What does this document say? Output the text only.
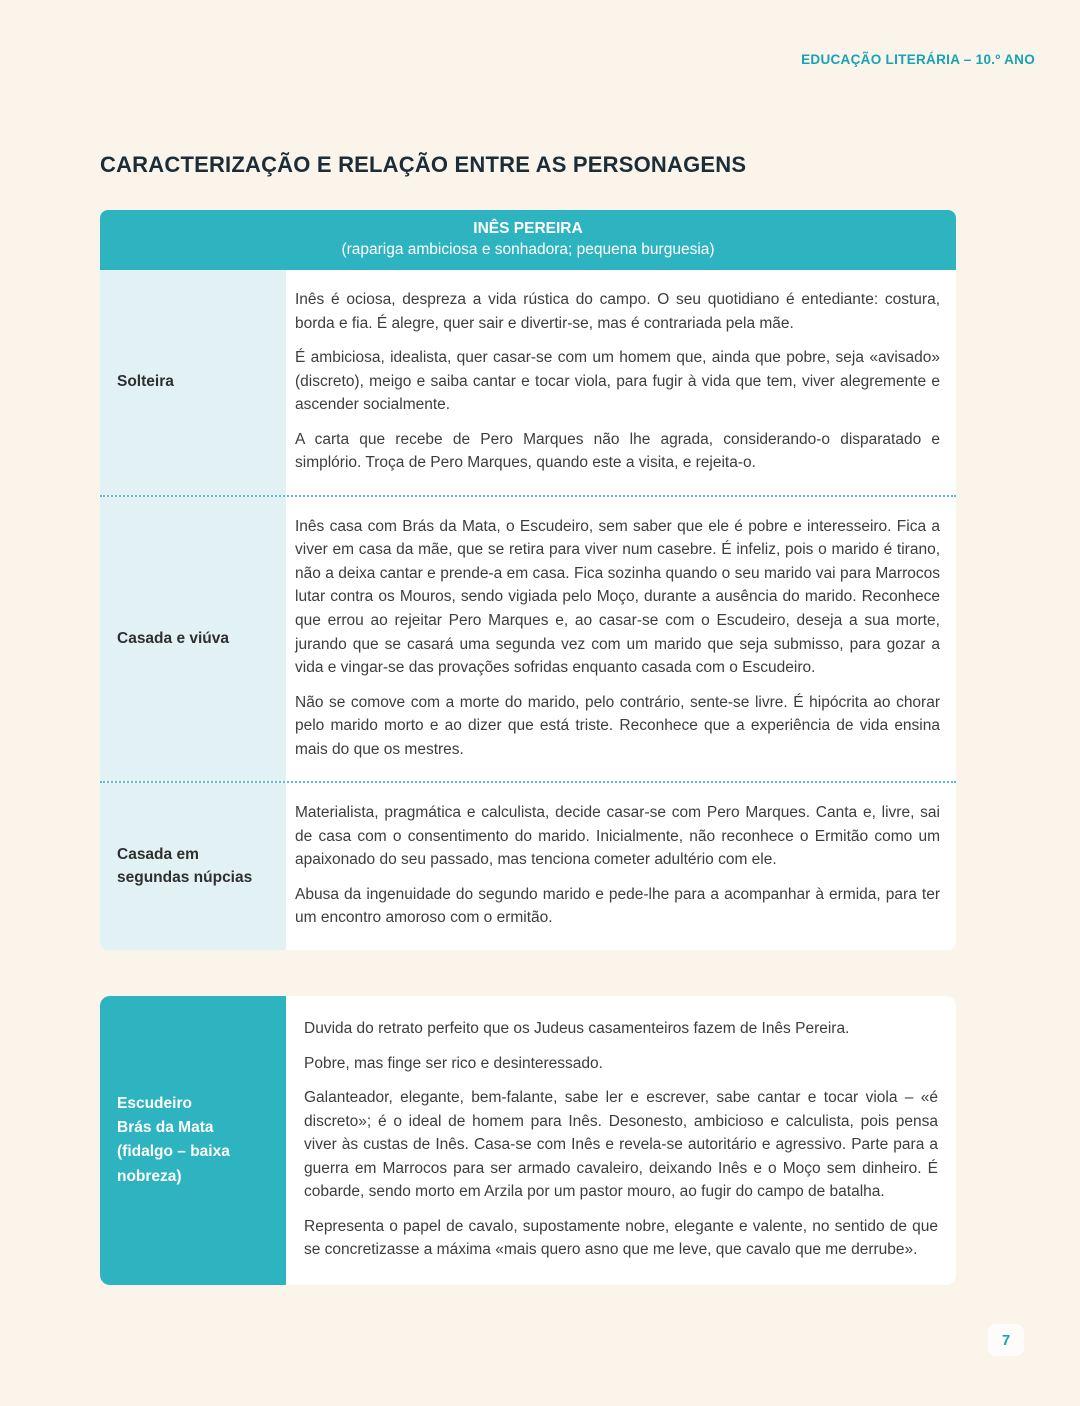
EDUCAÇÃO LITERÁRIA – 10.º ANO
CARACTERIZAÇÃO E RELAÇÃO ENTRE AS PERSONAGENS
INÊS PEREIRA
(rapariga ambiciosa e sonhadora; pequena burguesia)
Solteira

Inês é ociosa, despreza a vida rústica do campo. O seu quotidiano é entediante: costura, borda e fia. É alegre, quer sair e divertir-se, mas é contrariada pela mãe.

É ambiciosa, idealista, quer casar-se com um homem que, ainda que pobre, seja «avisado» (discreto), meigo e saiba cantar e tocar viola, para fugir à vida que tem, viver alegremente e ascender socialmente.

A carta que recebe de Pero Marques não lhe agrada, considerando-o disparatado e simplório. Troça de Pero Marques, quando este a visita, e rejeita-o.

Casada e viúva

Inês casa com Brás da Mata, o Escudeiro, sem saber que ele é pobre e interesseiro. Fica a viver em casa da mãe, que se retira para viver num casebre. É infeliz, pois o marido é tirano, não a deixa cantar e prende-a em casa. Fica sozinha quando o seu marido vai para Marrocos lutar contra os Mouros, sendo vigiada pelo Moço, durante a ausência do marido. Reconhece que errou ao rejeitar Pero Marques e, ao casar-se com o Escudeiro, deseja a sua morte, jurando que se casará uma segunda vez com um marido que seja submisso, para gozar a vida e vingar-se das provações sofridas enquanto casada com o Escudeiro.

Não se comove com a morte do marido, pelo contrário, sente-se livre. É hipócrita ao chorar pelo marido morto e ao dizer que está triste. Reconhece que a experiência de vida ensina mais do que os mestres.

Casada em segundas núpcias

Materialista, pragmática e calculista, decide casar-se com Pero Marques. Canta e, livre, sai de casa com o consentimento do marido. Inicialmente, não reconhece o Ermitão como um apaixonado do seu passado, mas tenciona cometer adultério com ele.

Abusa da ingenuidade do segundo marido e pede-lhe para a acompanhar à ermida, para ter um encontro amoroso com o ermitão.

Escudeiro
Brás da Mata
(fidalgo – baixa nobreza)

Duvida do retrato perfeito que os Judeus casamenteiros fazem de Inês Pereira.

Pobre, mas finge ser rico e desinteressado.

Galanteador, elegante, bem-falante, sabe ler e escrever, sabe cantar e tocar viola – «é discreto»; é o ideal de homem para Inês. Desonesto, ambicioso e calculista, pois pensa viver às custas de Inês. Casa-se com Inês e revela-se autoritário e agressivo. Parte para a guerra em Marrocos para ser armado cavaleiro, deixando Inês e o Moço sem dinheiro. É cobarde, sendo morto em Arzila por um pastor mouro, ao fugir do campo de batalha.

Representa o papel de cavalo, supostamente nobre, elegante e valente, no sentido de que se concretizasse a máxima «mais quero asno que me leve, que cavalo que me derrube».

7
